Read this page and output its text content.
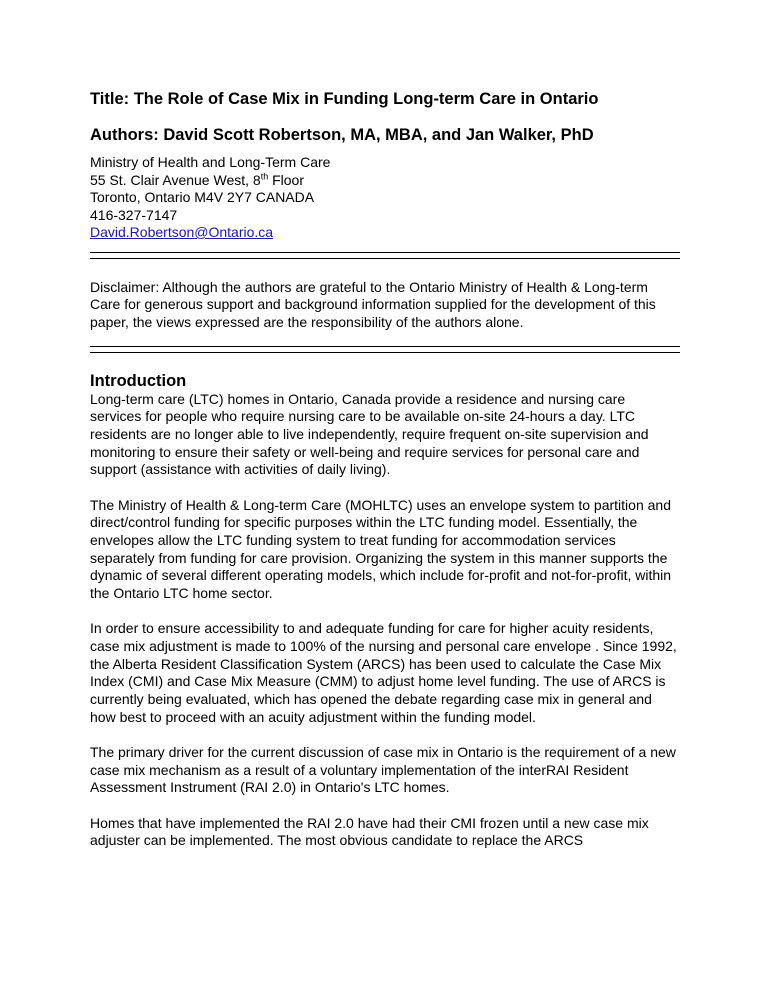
Title: The Role of Case Mix in Funding Long-term Care in Ontario
Authors: David Scott Robertson, MA, MBA, and Jan Walker, PhD
Ministry of Health and Long-Term Care
55 St. Clair Avenue West, 8th Floor
Toronto, Ontario M4V 2Y7 CANADA
416-327-7147
David.Robertson@Ontario.ca

Disclaimer: Although the authors are grateful to the Ontario Ministry of Health & Long-term Care for generous support and background information supplied for the development of this paper, the views expressed are the responsibility of the authors alone.

Introduction

Long-term care (LTC) homes in Ontario, Canada provide a residence and nursing care services for people who require nursing care to be available on-site 24-hours a day. LTC residents are no longer able to live independently, require frequent on-site supervision and monitoring to ensure their safety or well-being and require services for personal care and support (assistance with activities of daily living).

The Ministry of Health & Long-term Care (MOHLTC) uses an envelope system to partition and direct/control funding for specific purposes within the LTC funding model. Essentially, the envelopes allow the LTC funding system to treat funding for accommodation services separately from funding for care provision. Organizing the system in this manner supports the dynamic of several different operating models, which include for-profit and not-for-profit, within the Ontario LTC home sector.

In order to ensure accessibility to and adequate funding for care for higher acuity residents, case mix adjustment is made to 100% of the nursing and personal care envelope . Since 1992, the Alberta Resident Classification System (ARCS) has been used to calculate the Case Mix Index (CMI) and Case Mix Measure (CMM) to adjust home level funding. The use of ARCS is currently being evaluated, which has opened the debate regarding case mix in general and how best to proceed with an acuity adjustment within the funding model.

The primary driver for the current discussion of case mix in Ontario is the requirement of a new case mix mechanism as a result of a voluntary implementation of the interRAI Resident Assessment Instrument (RAI 2.0) in Ontario's LTC homes.

Homes that have implemented the RAI 2.0 have had their CMI frozen until a new case mix adjuster can be implemented. The most obvious candidate to replace the ARCS
